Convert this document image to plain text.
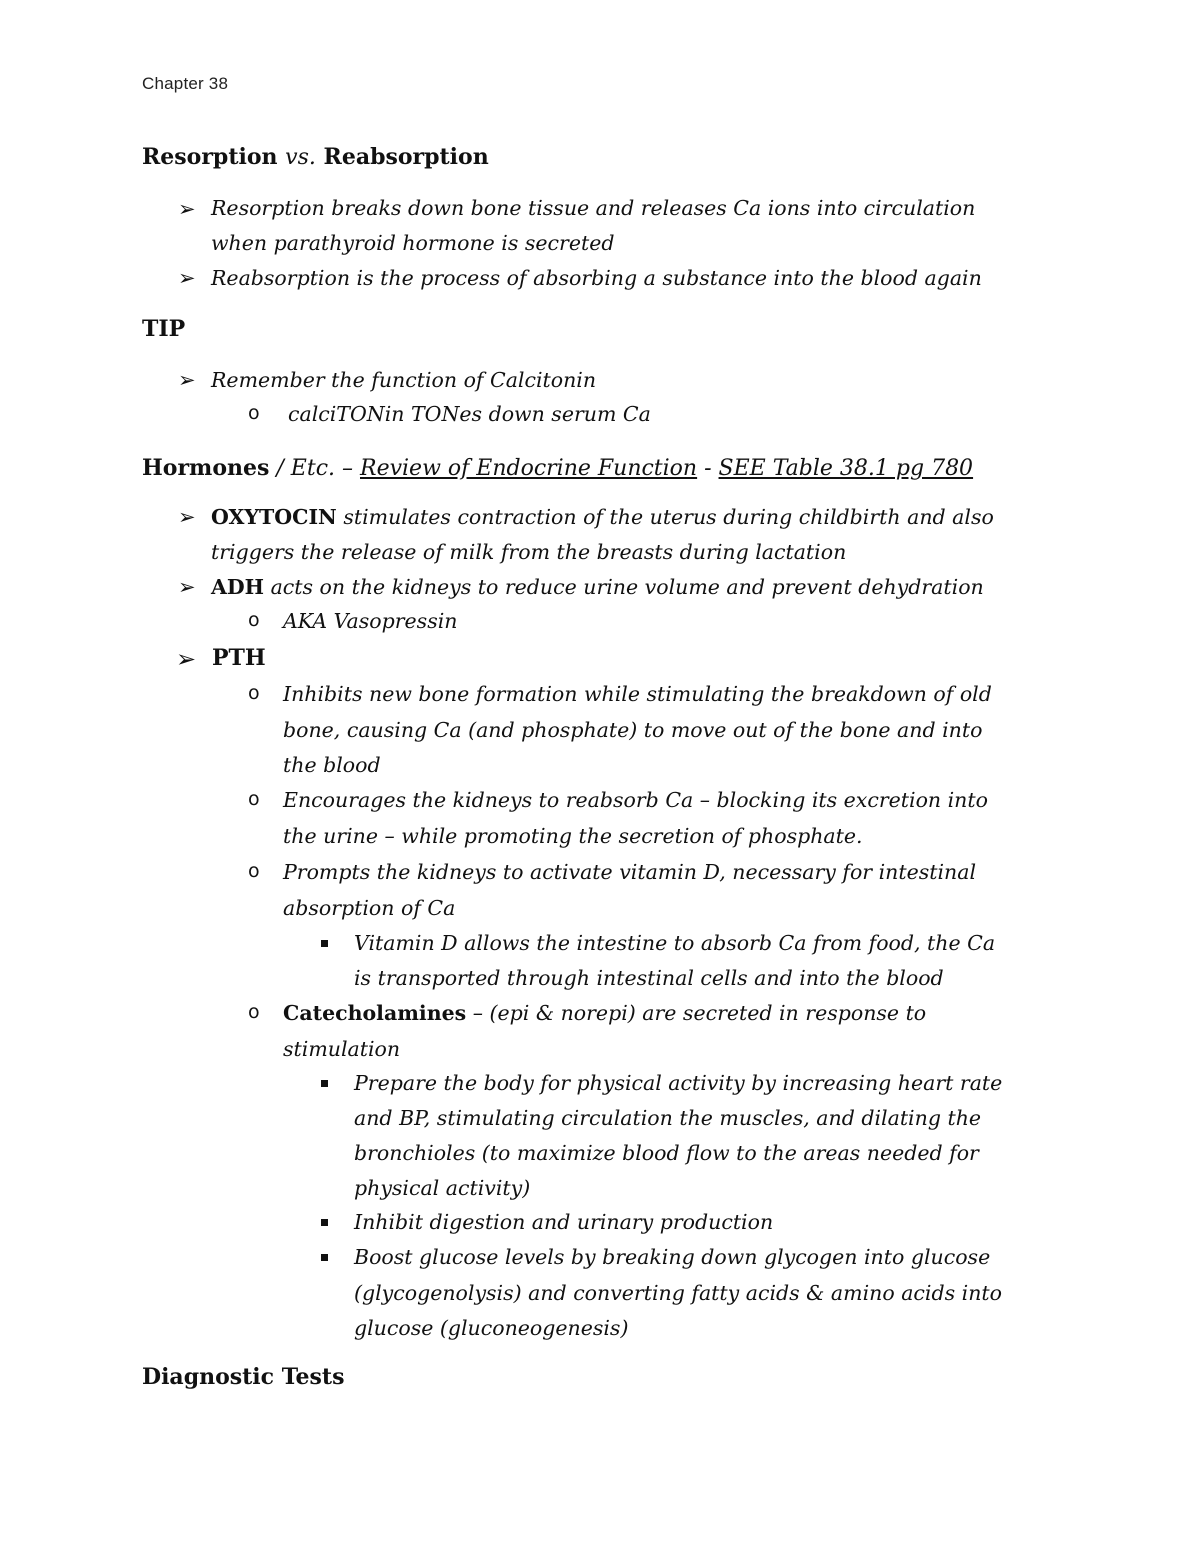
Chapter 38
Resorption vs. Reabsorption
➢ Resorption breaks down bone tissue and releases Ca ions into circulation
when parathyroid hormone is secreted
➢ Reabsorption is the process of absorbing a substance into the blood again
TIP
➢ Remember the function of Calcitonin
o calciTONin TONes down serum Ca
Hormones / Etc. – Review of Endocrine Function - SEE Table 38.1 pg 780
➢ OXYTOCIN stimulates contraction of the uterus during childbirth and also
triggers the release of milk from the breasts during lactation
➢ ADH acts on the kidneys to reduce urine volume and prevent dehydration
o AKA Vasopressin
➢ PTH
o Inhibits new bone formation while stimulating the breakdown of old
bone, causing Ca (and phosphate) to move out of the bone and into
the blood
o Encourages the kidneys to reabsorb Ca – blocking its excretion into
the urine – while promoting the secretion of phosphate.
o Prompts the kidneys to activate vitamin D, necessary for intestinal
absorption of Ca
Vitamin D allows the intestine to absorb Ca from food, the Ca
is transported through intestinal cells and into the blood
o Catecholamines – (epi & norepi) are secreted in response to
stimulation
Prepare the body for physical activity by increasing heart rate
and BP, stimulating circulation the muscles, and dilating the
bronchioles (to maximize blood flow to the areas needed for
physical activity)
Inhibit digestion and urinary production
Boost glucose levels by breaking down glycogen into glucose
(glycogenolysis) and converting fatty acids & amino acids into
glucose (gluconeogenesis)
Diagnostic Tests
